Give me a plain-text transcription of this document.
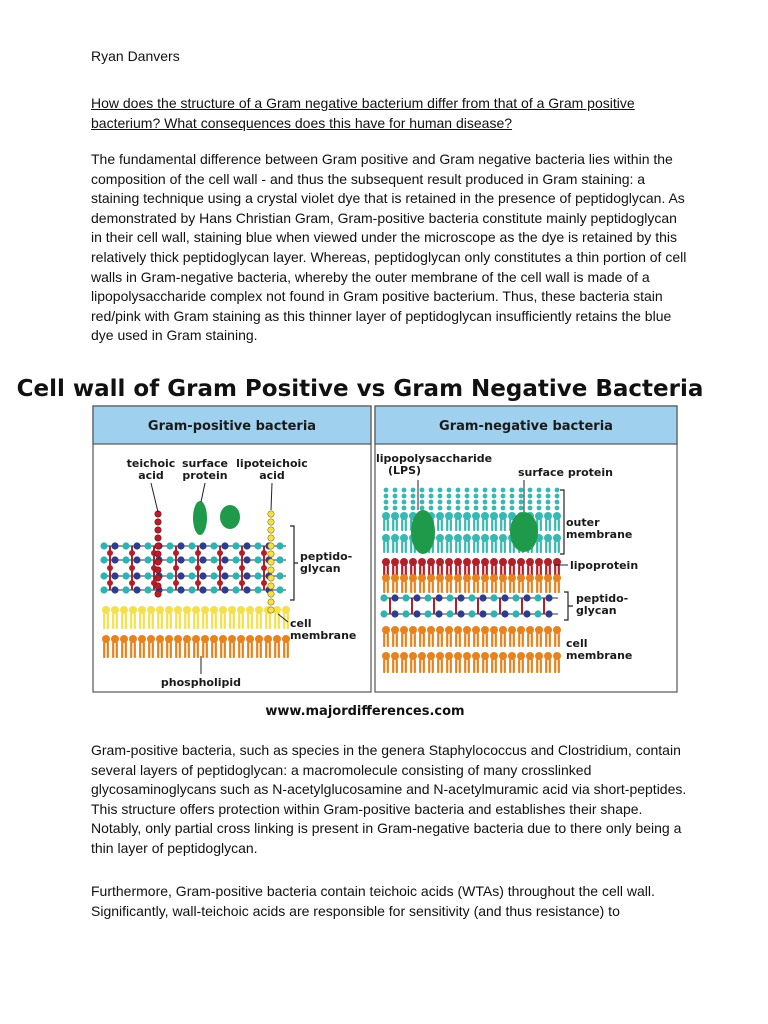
Ryan Danvers
How does the structure of a Gram negative bacterium differ from that of a Gram positive bacterium? What consequences does this have for human disease?
The fundamental difference between Gram positive and Gram negative bacteria lies within the composition of the cell wall - and thus the subsequent result produced in Gram staining: a staining technique using a crystal violet dye that is retained in the presence of peptidoglycan. As demonstrated by Hans Christian Gram, Gram-positive bacteria constitute mainly peptidoglycan in their cell wall, staining blue when viewed under the microscope as the dye is retained by this relatively thick peptidoglycan layer. Whereas, peptidoglycan only constitutes a thin portion of cell walls in Gram-negative bacteria, whereby the outer membrane of the cell wall is made of a lipopolysaccharide complex not found in Gram positive bacterium. Thus, these bacteria stain red/pink with Gram staining as this thinner layer of peptidoglycan insufficiently retains the blue dye used in Gram staining.
Cell wall of Gram Positive vs Gram Negative Bacteria
Gram-positive bacteria
teichoic acid
surface protein
lipoteichoic acid
peptido-glycan
cell membrane
phospholipid
Gram-negative bacteria
lipopolysaccharide (LPS)	surface protein
outer membrane
lipoprotein
peptido-glycan
cell membrane
www.majordifferences.com
Gram-positive bacteria, such as species in the genera Staphylococcus and Clostridium, contain several layers of peptidoglycan: a macromolecule consisting of many crosslinked glycosaminoglycans such as N-acetylglucosamine and N-acetylmuramic acid via short-peptides. This structure offers protection within Gram-positive bacteria and establishes their shape. Notably, only partial cross linking is present in Gram-negative bacteria due to there only being a thin layer of peptidoglycan.
Furthermore, Gram-positive bacteria contain teichoic acids (WTAs) throughout the cell wall. Significantly, wall-teichoic acids are responsible for sensitivity (and thus resistance) to
